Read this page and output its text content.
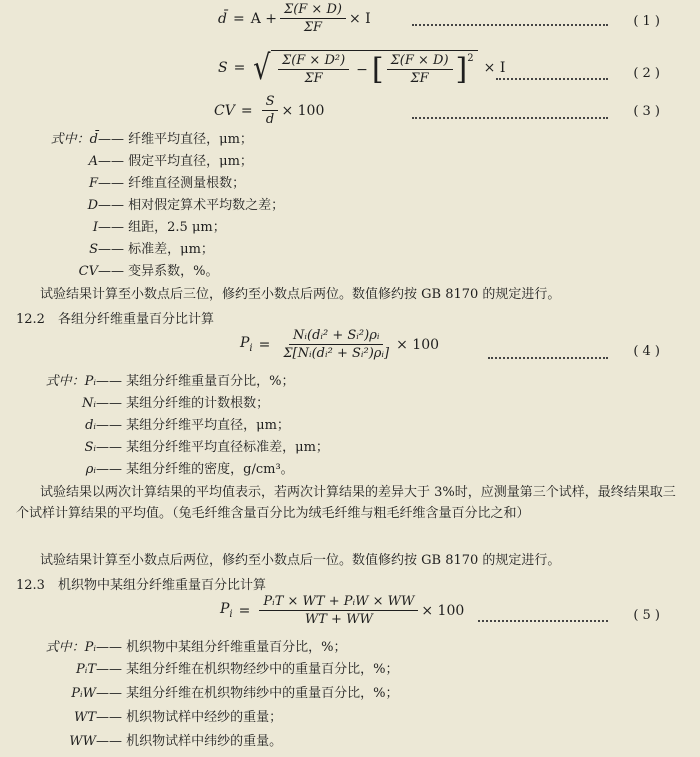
d̄ = $A + \frac{\Sigma(F \times D)}{\Sigma F} \times I$	( 1 )
S = √ $\frac{\text{Σ(F × D²)}}{\Sigma F}$ − [ $\frac{\Sigma(F \times D)}{\Sigma F} ]^2$
× I	( 2 )
CV = $\frac{S}{d̄} \times 100$	( 3 )
式中：d̄—— 纤维平均直径，μm；
A—— 假定平均直径，μm；
F—— 纤维直径测量根数；
D—— 相对假定算术平均数之差；
I—— 组距，2.5 μm；
S—— 标准差，μm；
CV—— 变异系数，%。
试验结果计算至小数点后三位，修约至小数点后两位。数值修约按 GB 8170 的规定进行。
12.2　各组分纤维重量百分比计算
$P_i = \frac{\text{Nᵢ(dᵢ² + Sᵢ²)ρᵢ}}{\text{Σ[Nᵢ(dᵢ² + Sᵢ²)ρᵢ]}} \times 100$	( 4 )
式中：Pᵢ—— 某组分纤维重量百分比，%；
Nᵢ—— 某组分纤维的计数根数；
dᵢ—— 某组分纤维平均直径，μm；
Sᵢ—— 某组分纤维平均直径标准差，μm；
ρᵢ—— 某组分纤维的密度，g/cm³。
试验结果以两次计算结果的平均值表示，若两次计算结果的差异大于 3%时，应测量第三个试样，最终结果取三个试样计算结果的平均值。（兔毛纤维含量百分比为绒毛纤维与粗毛纤维含量百分比之和）
试验结果计算至小数点后两位，修约至小数点后一位。数值修约按 GB 8170 的规定进行。
12.3　机织物中某组分纤维重量百分比计算
$P_i = \frac{\text{PᵢT × WT + PᵢW × WW}}{WT + WW} \times 100$	( 5 )
式中：Pᵢ—— 机织物中某组分纤维重量百分比，%；
PᵢT—— 某组分纤维在机织物经纱中的重量百分比，%；
PᵢW—— 某组分纤维在机织物纬纱中的重量百分比，%；
WT—— 机织物试样中经纱的重量；
WW—— 机织物试样中纬纱的重量。
